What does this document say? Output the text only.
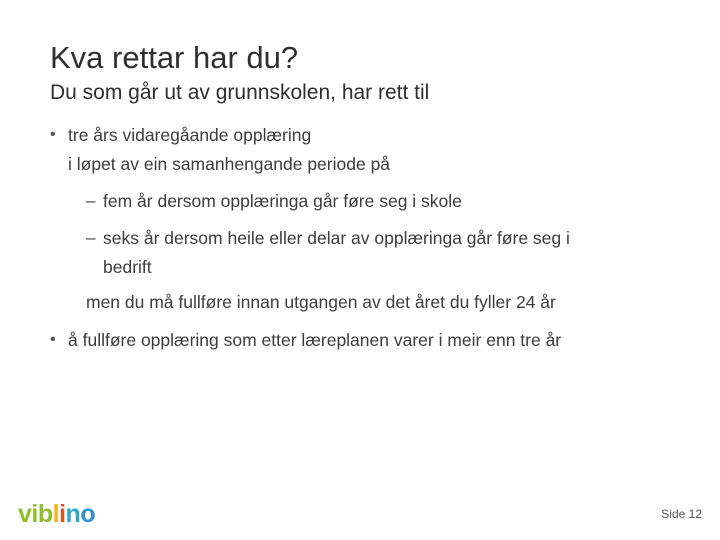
Kva rettar har du?
Du som går ut av grunnskolen, har rett til
• tre års vidaregåande opplæring
i løpet av ein samanhengande periode på
– fem år dersom opplæringa går føre seg i skole
– seks år dersom heile eller delar av opplæringa går føre seg i
bedrift
men du må fullføre innan utgangen av det året du fyller 24 år
• å fullføre opplæring som etter læreplanen varer i meir enn tre år
viblino	Side 12
